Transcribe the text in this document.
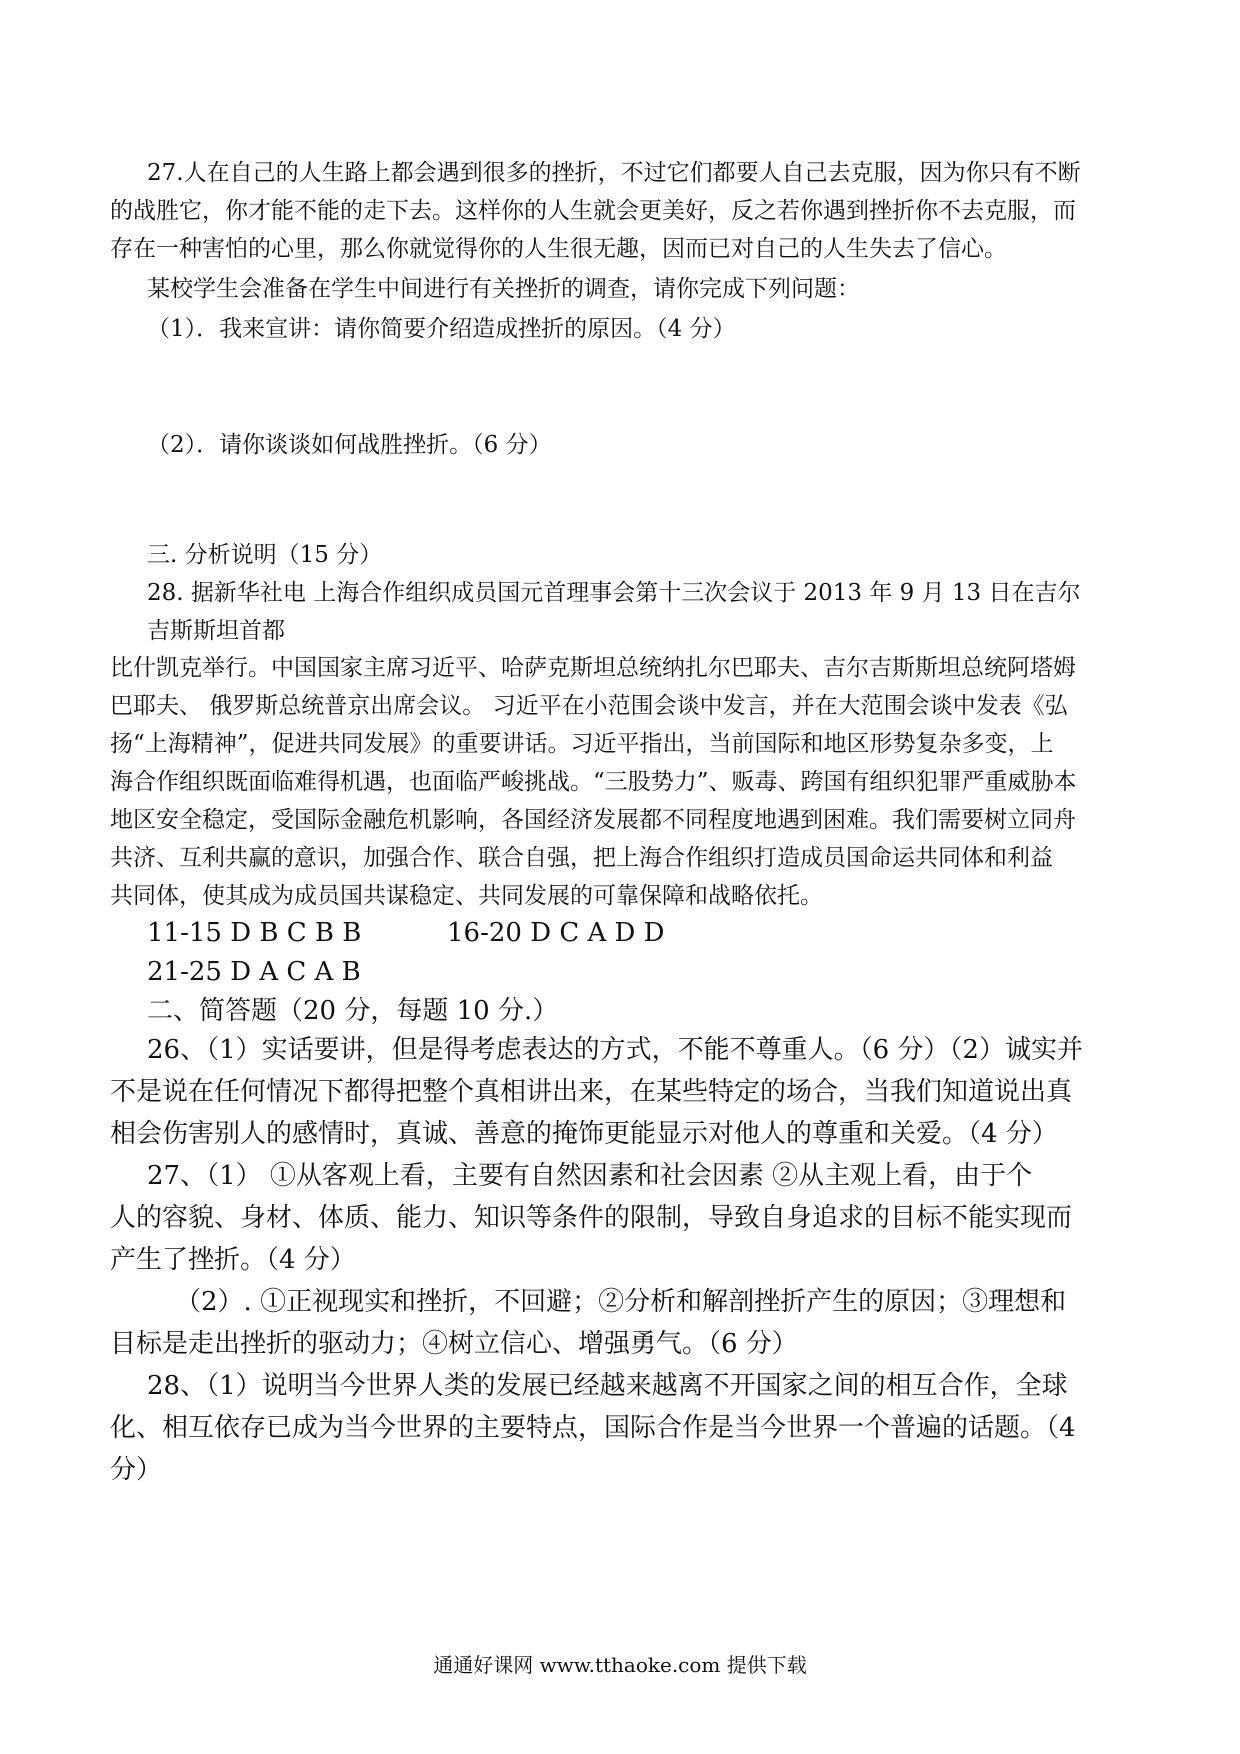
27.人在自己的人生路上都会遇到很多的挫折，不过它们都要人自己去克服，因为你只有不断
的战胜它，你才能不能的走下去。这样你的人生就会更美好，反之若你遇到挫折你不去克服，而
存在一种害怕的心里，那么你就觉得你的人生很无趣，因而已对自己的人生失去了信心。
某校学生会准备在学生中间进行有关挫折的调查，请你完成下列问题：
（1）．我来宣讲：请你简要介绍造成挫折的原因。（4 分）
（2）．请你谈谈如何战胜挫折。（6 分）
三. 分析说明（15 分）
28. 据新华社电 上海合作组织成员国元首理事会第十三次会议于 2013 年 9 月 13 日在吉尔
吉斯斯坦首都
比什凯克举行。中国国家主席习近平、哈萨克斯坦总统纳扎尔巴耶夫、吉尔吉斯斯坦总统阿塔姆
巴耶夫、 俄罗斯总统普京出席会议。 习近平在小范围会谈中发言，并在大范围会谈中发表《弘
扬“上海精神”，促进共同发展》的重要讲话。习近平指出，当前国际和地区形势复杂多变，上
海合作组织既面临难得机遇，也面临严峻挑战。“三股势力”、贩毒、跨国有组织犯罪严重威胁本
地区安全稳定，受国际金融危机影响，各国经济发展都不同程度地遇到困难。我们需要树立同舟
共济、互利共赢的意识，加强合作、联合自强，把上海合作组织打造成员国命运共同体和利益
共同体，使其成为成员国共谋稳定、共同发展的可靠保障和战略依托。
11-15 D B C B B	16-20 D C A D D
21-25 D A C A B
二、简答题（20 分，每题 10 分.）
26、（1）实话要讲，但是得考虑表达的方式，不能不尊重人。（6 分）（2）诚实并
不是说在任何情况下都得把整个真相讲出来，在某些特定的场合，当我们知道说出真
相会伤害别人的感情时，真诚、善意的掩饰更能显示对他人的尊重和关爱。（4 分）
27、（1） ①从客观上看，主要有自然因素和社会因素 ②从主观上看，由于个
人的容貌、身材、体质、能力、知识等条件的限制，导致自身追求的目标不能实现而
产生了挫折。（4 分）
（2）. ①正视现实和挫折，不回避；②分析和解剖挫折产生的原因；③理想和
目标是走出挫折的驱动力；④树立信心、增强勇气。（6 分）
28、（1）说明当今世界人类的发展已经越来越离不开国家之间的相互合作，全球
化、相互依存已成为当今世界的主要特点，国际合作是当今世界一个普遍的话题。（4
分）
通通好课网 www.tthaoke.com 提供下载
